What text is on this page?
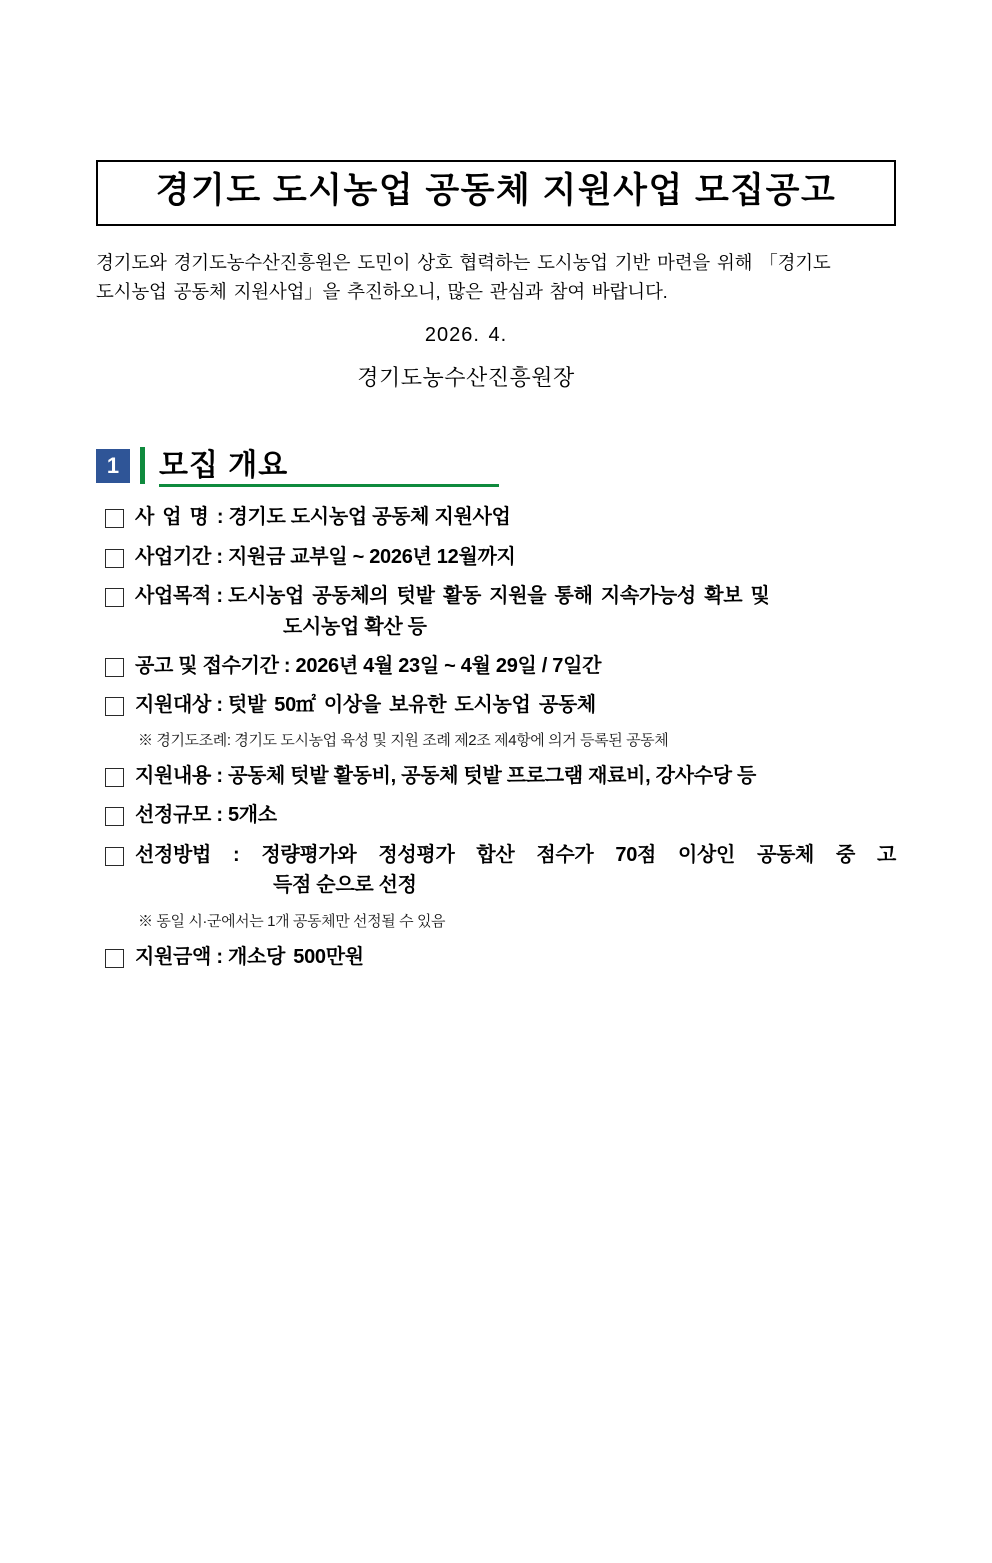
경기도 도시농업 공동체 지원사업 모집공고
경기도와 경기도농수산진흥원은 도민이 상호 협력하는 도시농업 기반 마련을 위해 「경기도
도시농업 공동체 지원사업」을 추진하오니, 많은 관심과 참여 바랍니다.
2026. 4.
경기도농수산진흥원장
1	모집 개요
사 업 명 : 경기도 도시농업 공동체 지원사업
사업기간 : 지원금 교부일 ~ 2026년 12월까지
사업목적 : 도시농업 공동체의 텃밭 활동 지원을 통해 지속가능성 확보 및
도시농업 확산 등
공고 및 접수기간 : 2026년 4월 23일 ~ 4월 29일 / 7일간
지원대상 : 텃밭 50㎡ 이상을 보유한 도시농업 공동체
※ 경기도조례: 경기도 도시농업 육성 및 지원 조례 제2조 제4항에 의거 등록된 공동체
지원내용 : 공동체 텃밭 활동비, 공동체 텃밭 프로그램 재료비, 강사수당 등
선정규모 : 5개소
선정방법 : 정량평가와 정성평가 합산 점수가 70점 이상인 공동체 중 고
득점 순으로 선정
※ 동일 시·군에서는 1개 공동체만 선정될 수 있음
지원금액 : 개소당 500만원
